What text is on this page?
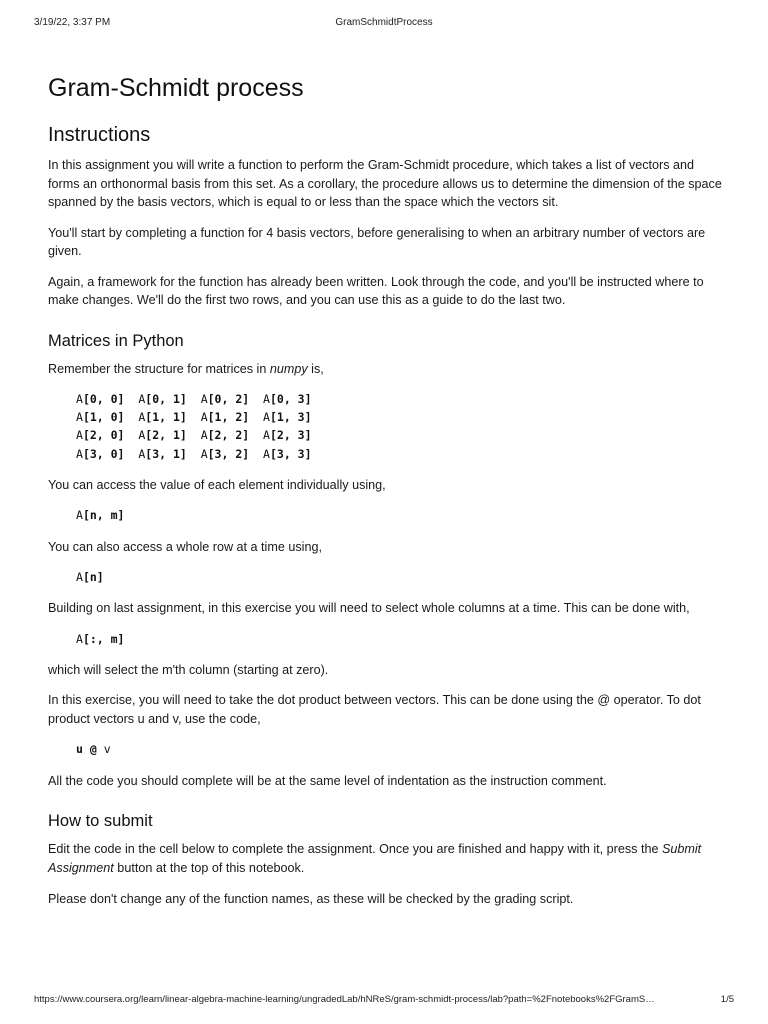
3/19/22, 3:37 PM	GramSchmidtProcess
Gram-Schmidt process
Instructions

In this assignment you will write a function to perform the Gram-Schmidt procedure, which takes a list of vectors and forms an orthonormal basis from this set. As a corollary, the procedure allows us to determine the dimension of the space spanned by the basis vectors, which is equal to or less than the space which the vectors sit.

You'll start by completing a function for 4 basis vectors, before generalising to when an arbitrary number of vectors are given.

Again, a framework for the function has already been written. Look through the code, and you'll be instructed where to make changes. We'll do the first two rows, and you can use this as a guide to do the last two.

Matrices in Python

Remember the structure for matrices in numpy is,

A[0, 0] A[0, 1] A[0, 2] A[0, 3]
A[1, 0] A[1, 1] A[1, 2] A[1, 3]
A[2, 0] A[2, 1] A[2, 2] A[2, 3]
A[3, 0] A[3, 1] A[3, 2] A[3, 3]

You can access the value of each element individually using,

A[n, m]

You can also access a whole row at a time using,

A[n]

Building on last assignment, in this exercise you will need to select whole columns at a time. This can be done with,

A[:, m]

which will select the m'th column (starting at zero).

In this exercise, you will need to take the dot product between vectors. This can be done using the @ operator. To dot product vectors u and v, use the code,

u @ v

All the code you should complete will be at the same level of indentation as the instruction comment.

How to submit

Edit the code in the cell below to complete the assignment. Once you are finished and happy with it, press the Submit Assignment button at the top of this notebook.

Please don't change any of the function names, as these will be checked by the grading script.

https://www.coursera.org/learn/linear-algebra-machine-learning/ungradedLab/hNReS/gram-schmidt-process/lab?path=%2Fnotebooks%2FGramS…	1/5
